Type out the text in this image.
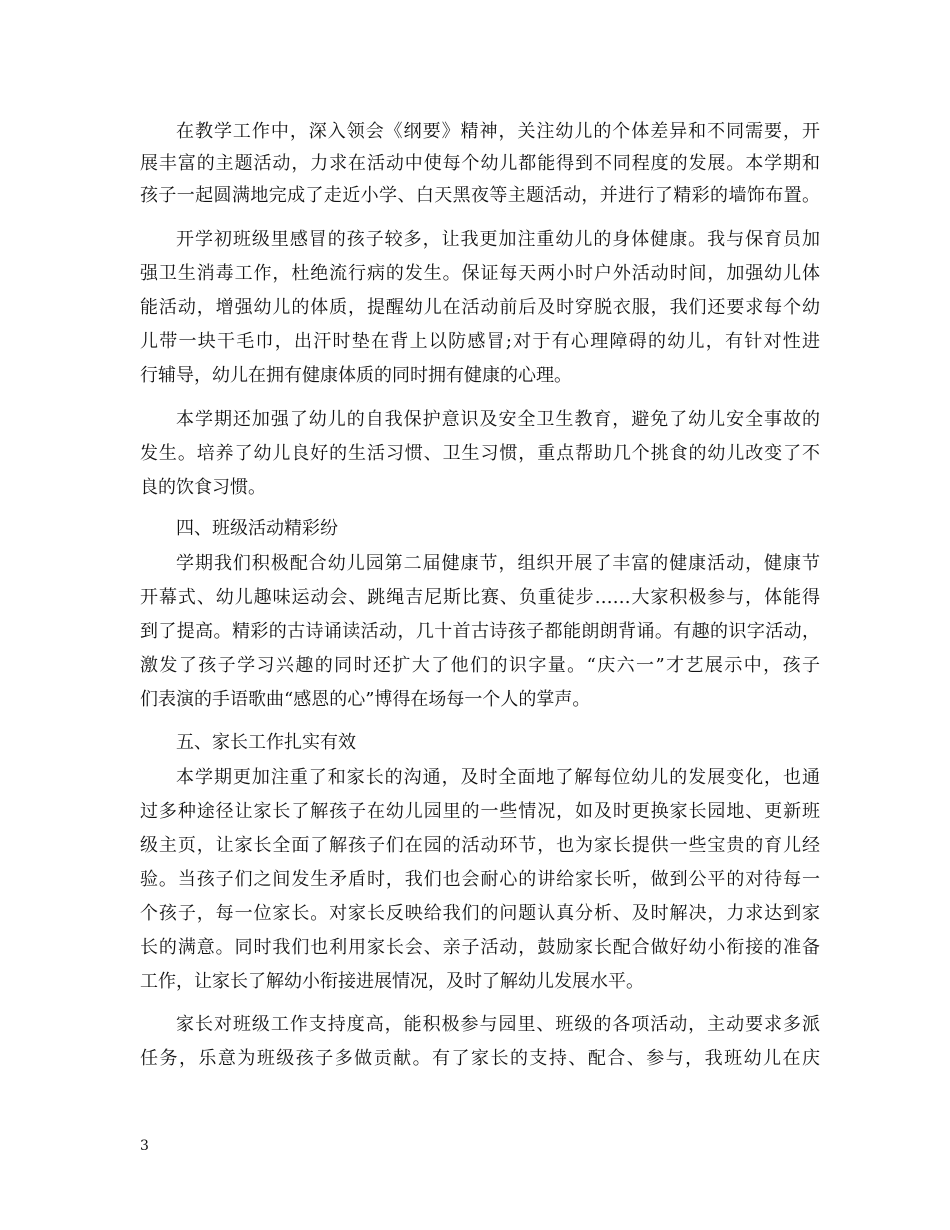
在教学工作中，深入领会《纲要》精神，关注幼儿的个体差异和不同需要，开
展丰富的主题活动，力求在活动中使每个幼儿都能得到不同程度的发展。本学期和
孩子一起圆满地完成了走近小学、白天黑夜等主题活动，并进行了精彩的墙饰布置。
开学初班级里感冒的孩子较多，让我更加注重幼儿的身体健康。我与保育员加
强卫生消毒工作，杜绝流行病的发生。保证每天两小时户外活动时间，加强幼儿体
能活动，增强幼儿的体质，提醒幼儿在活动前后及时穿脱衣服，我们还要求每个幼
儿带一块干毛巾，出汗时垫在背上以防感冒;对于有心理障碍的幼儿，有针对性进
行辅导，幼儿在拥有健康体质的同时拥有健康的心理。
本学期还加强了幼儿的自我保护意识及安全卫生教育，避免了幼儿安全事故的
发生。培养了幼儿良好的生活习惯、卫生习惯，重点帮助几个挑食的幼儿改变了不
良的饮食习惯。
四、班级活动精彩纷
学期我们积极配合幼儿园第二届健康节，组织开展了丰富的健康活动，健康节
开幕式、幼儿趣味运动会、跳绳吉尼斯比赛、负重徒步……大家积极参与，体能得
到了提高。精彩的古诗诵读活动，几十首古诗孩子都能朗朗背诵。有趣的识字活动，
激发了孩子学习兴趣的同时还扩大了他们的识字量。“庆六一”才艺展示中，孩子
们表演的手语歌曲“感恩的心”博得在场每一个人的掌声。
五、家长工作扎实有效
本学期更加注重了和家长的沟通，及时全面地了解每位幼儿的发展变化，也通
过多种途径让家长了解孩子在幼儿园里的一些情况，如及时更换家长园地、更新班
级主页，让家长全面了解孩子们在园的活动环节，也为家长提供一些宝贵的育儿经
验。当孩子们之间发生矛盾时，我们也会耐心的讲给家长听，做到公平的对待每一
个孩子，每一位家长。对家长反映给我们的问题认真分析、及时解决，力求达到家
长的满意。同时我们也利用家长会、亲子活动，鼓励家长配合做好幼小衔接的准备
工作，让家长了解幼小衔接进展情况，及时了解幼儿发展水平。
家长对班级工作支持度高，能积极参与园里、班级的各项活动，主动要求多派
任务，乐意为班级孩子多做贡献。有了家长的支持、配合、参与，我班幼儿在庆
3
